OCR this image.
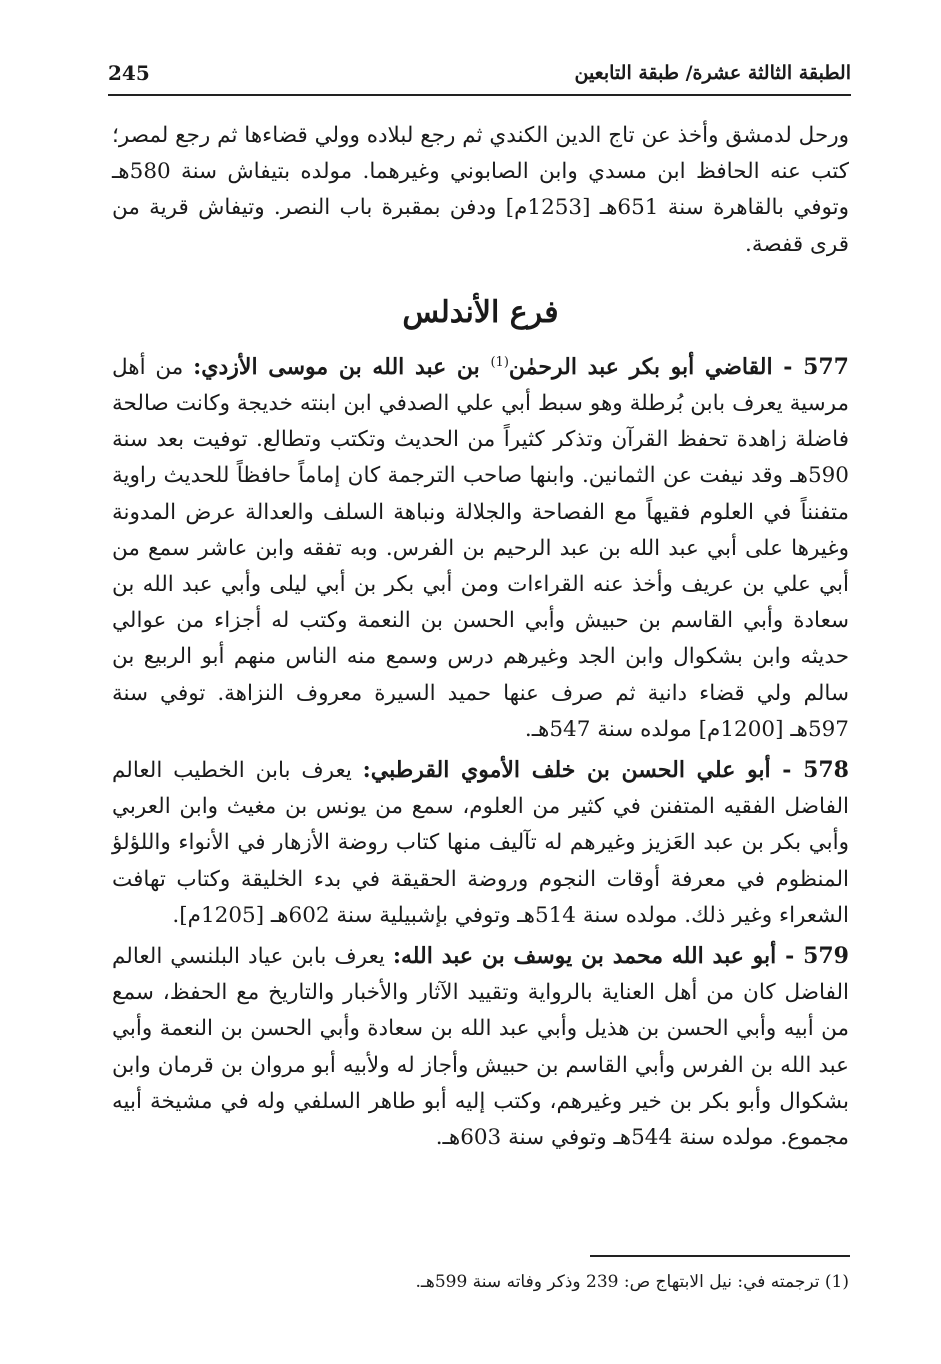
الطبقة الثالثة عشرة/ طبقة التابعين
245

ورحل لدمشق وأخذ عن تاج الدين الكندي ثم رجع لبلاده وولي قضاءها ثم رجع لمصر؛ كتب عنه الحافظ ابن مسدي وابن الصابوني وغيرهما. مولده بتيفاش سنة 580هـ وتوفي بالقاهرة سنة 651هـ [1253م] ودفن بمقبرة باب النصر. وتيفاش قرية من قرى قفصة.

فرع الأندلس

577 - القاضي أبو بكر عبد الرحمٰن$^{(1)}$ بن عبد الله بن موسى الأزدي: من أهل مرسية يعرف بابن بُرطلة وهو سبط أبي علي الصدفي ابن ابنته خديجة وكانت صالحة فاضلة زاهدة تحفظ القرآن وتذكر كثيراً من الحديث وتكتب وتطالع. توفيت بعد سنة 590هـ وقد نيفت عن الثمانين. وابنها صاحب الترجمة كان إماماً حافظاً للحديث راوية متفنناً في العلوم فقيهاً مع الفصاحة والجلالة ونباهة السلف والعدالة عرض المدونة وغيرها على أبي عبد الله بن عبد الرحيم بن الفرس. وبه تفقه وابن عاشر سمع من أبي علي بن عريف وأخذ عنه القراءات ومن أبي بكر بن أبي ليلى وأبي عبد الله بن سعادة وأبي القاسم بن حبيش وأبي الحسن بن النعمة وكتب له أجزاء من عوالي حديثه وابن بشكوال وابن الجد وغيرهم درس وسمع منه الناس منهم أبو الربيع بن سالم ولي قضاء دانية ثم صرف عنها حميد السيرة معروف النزاهة. توفي سنة 597هـ [1200م] مولده سنة 547هـ.

578 - أبو علي الحسن بن خلف الأموي القرطبي: يعرف بابن الخطيب العالم الفاضل الفقيه المتفنن في كثير من العلوم، سمع من يونس بن مغيث وابن العربي وأبي بكر بن عبد العَزيز وغيرهم له تآليف منها كتاب روضة الأزهار في الأنواء واللؤلؤ المنظوم في معرفة أوقات النجوم وروضة الحقيقة في بدء الخليقة وكتاب تهافت الشعراء وغير ذلك. مولده سنة 514هـ وتوفي بإشبيلية سنة 602هـ [1205م].

579 - أبو عبد الله محمد بن يوسف بن عبد الله: يعرف بابن عياد البلنسي العالم الفاضل كان من أهل العناية بالرواية وتقييد الآثار والأخبار والتاريخ مع الحفظ، سمع من أبيه وأبي الحسن بن هذيل وأبي عبد الله بن سعادة وأبي الحسن بن النعمة وأبي عبد الله بن الفرس وأبي القاسم بن حبيش وأجاز له ولأبيه أبو مروان بن قرمان وابن بشكوال وأبو بكر بن خير وغيرهم، وكتب إليه أبو طاهر السلفي وله في مشيخة أبيه مجموع. مولده سنة 544هـ وتوفي سنة 603هـ.

(1) ترجمته في: نيل الابتهاج ص: 239 وذكر وفاته سنة 599هـ.
